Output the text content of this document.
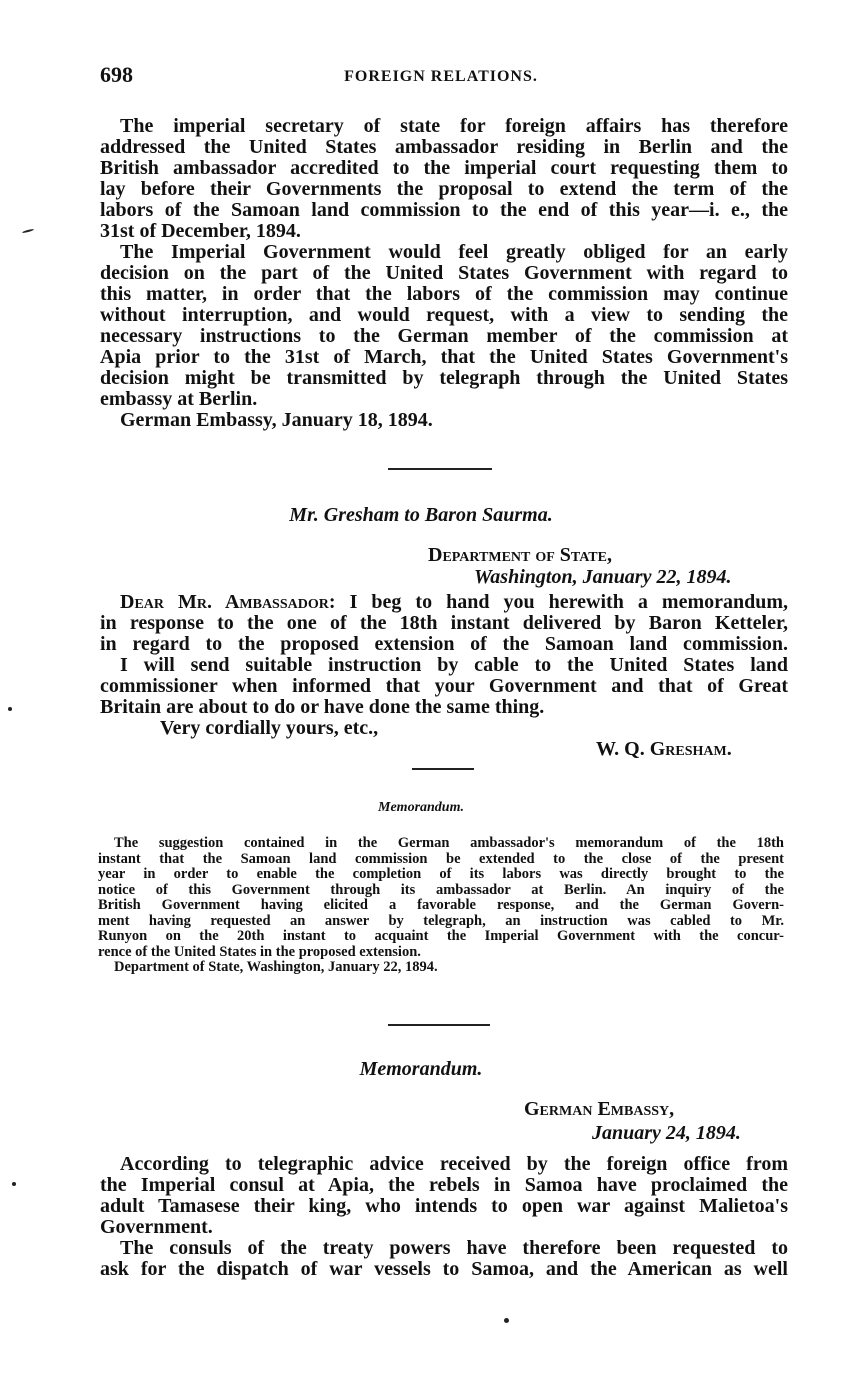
698	FOREIGN RELATIONS.
The imperial secretary of state for foreign affairs has therefore
addressed the United States ambassador residing in Berlin and the
British ambassador accredited to the imperial court requesting them to
lay before their Governments the proposal to extend the term of the
labors of the Samoan land commission to the end of this year—i. e., the
31st of December, 1894.
The Imperial Government would feel greatly obliged for an early
decision on the part of the United States Government with regard to
this matter, in order that the labors of the commission may continue
without interruption, and would request, with a view to sending the
necessary instructions to the German member of the commission at
Apia prior to the 31st of March, that the United States Government's
decision might be transmitted by telegraph through the United States
embassy at Berlin.
German Embassy, January 18, 1894.
Mr. Gresham to Baron Saurma.
Department of State,
Washington, January 22, 1894.
Dear Mr. Ambassador: I beg to hand you herewith a memorandum,
in response to the one of the 18th instant delivered by Baron Ketteler,
in regard to the proposed extension of the Samoan land commission.
I will send suitable instruction by cable to the United States land
commissioner when informed that your Government and that of Great
Britain are about to do or have done the same thing.
Very cordially yours, etc.,
W. Q. Gresham.
Memorandum.
The suggestion contained in the German ambassador's memorandum of the 18th
instant that the Samoan land commission be extended to the close of the present
year in order to enable the completion of its labors was directly brought to the
notice of this Government through its ambassador at Berlin. An inquiry of the
British Government having elicited a favorable response, and the German Govern-
ment having requested an answer by telegraph, an instruction was cabled to Mr.
Runyon on the 20th instant to acquaint the Imperial Government with the concur-
rence of the United States in the proposed extension.
Department of State, Washington, January 22, 1894.
Memorandum.
German Embassy,
January 24, 1894.
According to telegraphic advice received by the foreign office from
the Imperial consul at Apia, the rebels in Samoa have proclaimed the
adult Tamasese their king, who intends to open war against Malietoa's
Government.
The consuls of the treaty powers have therefore been requested to
ask for the dispatch of war vessels to Samoa, and the American as well
